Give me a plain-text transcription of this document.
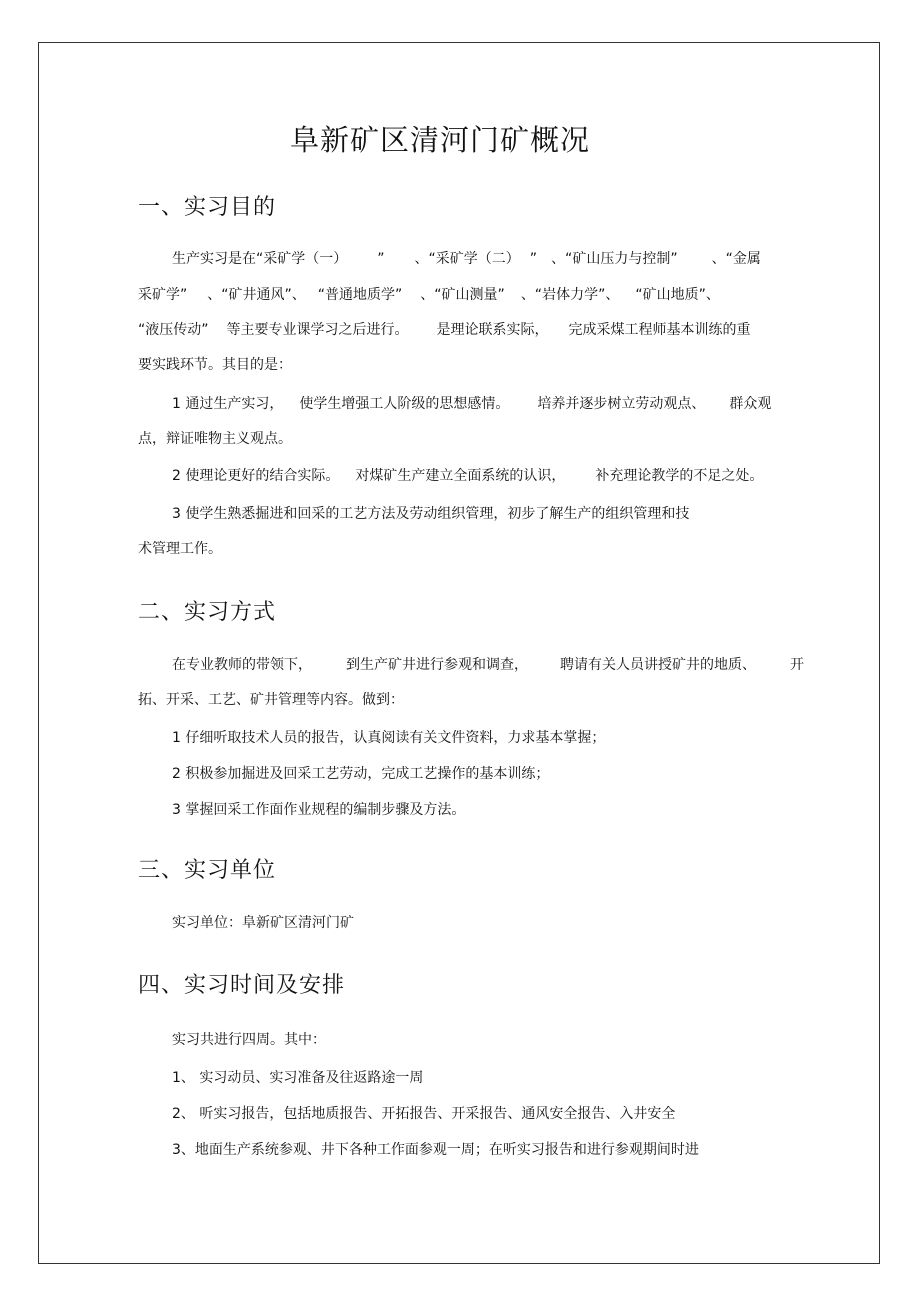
阜新矿区清河门矿概况
一、实习目的
生产实习是在“采矿学（一） ” 、“采矿学（二） ” 、“矿山压力与控制” 、“金属
采矿学” 、“矿井通风”、 “普通地质学” 、“矿山测量” 、“岩体力学”、 “矿山地质”、
“液压传动” 等主要专业课学习之后进行。 是理论联系实际， 完成采煤工程师基本训练的重
要实践环节。其目的是：
1 通过生产实习， 使学生增强工人阶级的思想感情。 培养并逐步树立劳动观点、 群众观
点，辩证唯物主义观点。
2 使理论更好的结合实际。 对煤矿生产建立全面系统的认识， 补充理论教学的不足之处。
3 使学生熟悉掘进和回采的工艺方法及劳动组织管理，初步了解生产的组织管理和技
术管理工作。
二、实习方式
在专业教师的带领下， 到生产矿井进行参观和调查， 聘请有关人员讲授矿井的地质、 开
拓、开采、工艺、矿井管理等内容。做到：
1 仔细听取技术人员的报告，认真阅读有关文件资料，力求基本掌握；
2 积极参加掘进及回采工艺劳动，完成工艺操作的基本训练；
3 掌握回采工作面作业规程的编制步骤及方法。
三、实习单位
实习单位：阜新矿区清河门矿
四、实习时间及安排
实习共进行四周。其中：
1、 实习动员、实习准备及往返路途一周
2、 听实习报告，包括地质报告、开拓报告、开采报告、通风安全报告、入井安全
3、地面生产系统参观、井下各种工作面参观一周；在听实习报告和进行参观期间时进
